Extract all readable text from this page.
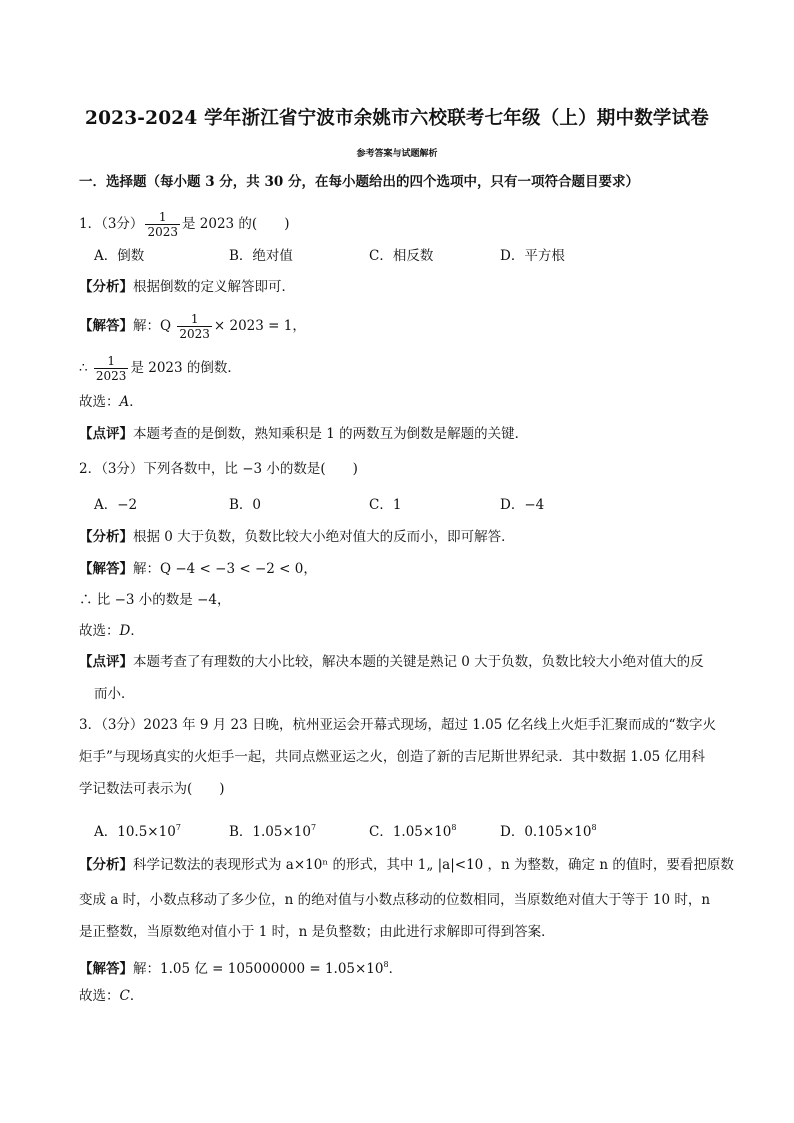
2023-2024 学年浙江省宁波市余姚市六校联考七年级（上）期中数学试卷
参考答案与试题解析
一．选择题（每小题 3 分，共 30 分，在每小题给出的四个选项中，只有一项符合题目要求）
1．（3分） $\frac{1}{2023}$ 是 2023 的(　　)
A．倒数	B．绝对值	C．相反数	D．平方根
【分析】根据倒数的定义解答即可．
【解答】解：Q $\frac{1}{2023} \times 2023 = 1$，
∴ $\frac{1}{2023}$ 是 2023 的倒数．
故选：A．
【点评】本题考查的是倒数，熟知乘积是 1 的两数互为倒数是解题的关键．
2．（3分）下列各数中，比 −3 小的数是(　　)
A．−2	B．0	C．1	D．−4
【分析】根据 0 大于负数，负数比较大小绝对值大的反而小，即可解答．
【解答】解：Q −4 < −3 < −2 < 0，
∴ 比 −3 小的数是 −4，
故选：D．
【点评】本题考查了有理数的大小比较，解决本题的关键是熟记 0 大于负数，负数比较大小绝对值大的反
而小．
3．（3分）2023 年 9 月 23 日晚，杭州亚运会开幕式现场，超过 1.05 亿名线上火炬手汇聚而成的“数字火
炬手”与现场真实的火炬手一起，共同点燃亚运之火，创造了新的吉尼斯世界纪录．其中数据 1.05 亿用科
学记数法可表示为(　　)
A．$10.5\times 10^7$	B．$1.05\times 10^7$	C．$1.05\times 10^8$	D．$0.105\times 10^8$
【分析】科学记数法的表现形式为 a×10ⁿ 的形式，其中 1„ |a|<10 ，n 为整数，确定 n 的值时，要看把原数
变成 a 时，小数点移动了多少位，n 的绝对值与小数点移动的位数相同，当原数绝对值大于等于 10 时，n
是正整数，当原数绝对值小于 1 时，n 是负整数；由此进行求解即可得到答案．
【解答】解：1.05 亿 = $105000000 = 1.05\times 10^8$．
故选：C．
